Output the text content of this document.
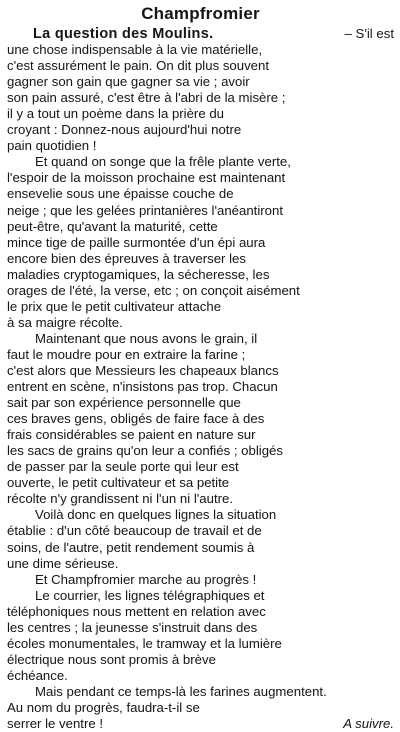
Champfromier
La question des Moulins.	– S'il est
une chose indispensable à la vie matérielle,
c'est assurément le pain. On dit plus souvent
gagner son gain que gagner sa vie ; avoir
son pain assuré, c'est être à l'abri de la misère ;
il y a tout un poème dans la prière du
croyant : Donnez-nous aujourd'hui notre
pain quotidien !
Et quand on songe que la frêle plante verte,
l'espoir de la moisson prochaine est maintenant
ensevelie sous une épaisse couche de
neige ; que les gelées printanières l'anéantiront
peut-être, qu'avant la maturité, cette
mince tige de paille surmontée d'un épi aura
encore bien des épreuves à traverser les
maladies cryptogamiques, la sécheresse, les
orages de l'été, la verse, etc ; on conçoit aisément
le prix que le petit cultivateur attache
à sa maigre récolte.
Maintenant que nous avons le grain, il
faut le moudre pour en extraire la farine ;
c'est alors que Messieurs les chapeaux blancs
entrent en scène, n'insistons pas trop. Chacun
sait par son expérience personnelle que
ces braves gens, obligés de faire face à des
frais considérables se paient en nature sur
les sacs de grains qu'on leur a confiés ; obligés
de passer par la seule porte qui leur est
ouverte, le petit cultivateur et sa petite
récolte n'y grandissent ni l'un ni l'autre.
Voilà donc en quelques lignes la situation
établie : d'un côté beaucoup de travail et de
soins, de l'autre, petit rendement soumis à
une dime sérieuse.
Et Champfromier marche au progrès !
Le courrier, les lignes télégraphiques et
téléphoniques nous mettent en relation avec
les centres ; la jeunesse s'instruit dans des
écoles monumentales, le tramway et la lumière
électrique nous sont promis à brève
échéance.
Mais pendant ce temps-là les farines augmentent.
Au nom du progrès, faudra-t-il se
serrer le ventre !	A suivre.
